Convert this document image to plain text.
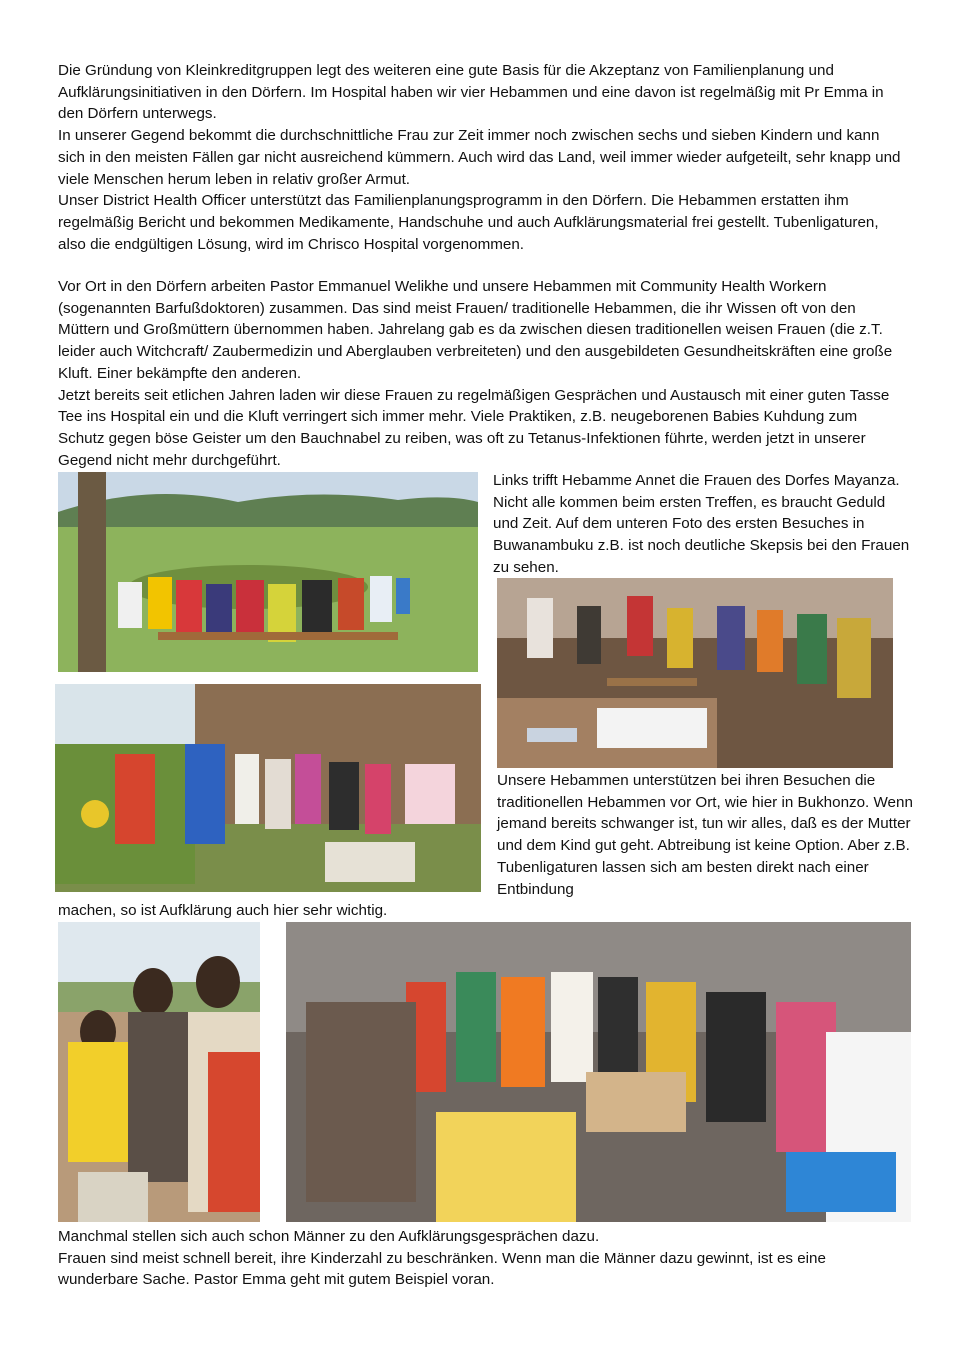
Die Gründung von Kleinkreditgruppen legt des weiteren eine gute Basis für die Akzeptanz von Familienplanung und Aufklärungsinitiativen in den Dörfern. Im Hospital haben wir vier Hebammen und eine davon ist regelmäßig mit Pr Emma in den Dörfern unterwegs.

In unserer Gegend bekommt die durchschnittliche Frau zur Zeit immer noch zwischen sechs und sieben Kindern und kann sich in den meisten Fällen gar nicht ausreichend kümmern. Auch wird das Land, weil immer wieder aufgeteilt, sehr knapp und viele Menschen herum leben in relativ großer Armut.

Unser District Health Officer unterstützt das Familienplanungsprogramm in den Dörfern. Die Hebammen erstatten ihm regelmäßig Bericht und bekommen Medikamente, Handschuhe und auch Aufklärungsmaterial frei gestellt. Tubenligaturen, also die endgültigen Lösung, wird im Chrisco Hospital vorgenommen.

Vor Ort in den Dörfern arbeiten Pastor Emmanuel Welikhe und unsere Hebammen mit Community Health Workern (sogenannten Barfußdoktoren) zusammen. Das sind meist Frauen/ traditionelle Hebammen, die ihr Wissen oft von den Müttern und Großmüttern übernommen haben. Jahrelang gab es da zwischen diesen traditionellen weisen Frauen (die z.T. leider auch Witchcraft/ Zaubermedizin und Aberglauben verbreiteten) und den ausgebildeten Gesundheitskräften eine große Kluft. Einer bekämpfte den anderen.

Jetzt bereits seit etlichen Jahren laden wir diese Frauen zu regelmäßigen Gesprächen und Austausch mit einer guten Tasse Tee ins Hospital ein und die Kluft verringert sich immer mehr. Viele Praktiken, z.B. neugeborenen Babies Kuhdung zum Schutz gegen böse Geister um den Bauchnabel zu reiben, was oft zu Tetanus-Infektionen führte, werden jetzt in unserer Gegend nicht mehr durchgeführt.

Links trifft Hebamme Annet die Frauen des Dorfes Mayanza. Nicht alle kommen beim ersten Treffen, es braucht Geduld und Zeit. Auf dem unteren Foto des ersten Besuches in Buwanambuku z.B. ist noch deutliche Skepsis bei den Frauen zu sehen.

Unsere Hebammen unterstützen bei ihren Besuchen die traditionellen Hebammen vor Ort, wie hier in Bukhonzo. Wenn jemand bereits schwanger ist, tun wir alles, daß es der Mutter und dem Kind gut geht. Abtreibung ist keine Option. Aber z.B. Tubenligaturen lassen sich am besten direkt nach einer Entbindung

machen, so ist Aufklärung auch hier sehr wichtig.

Manchmal stellen sich auch schon Männer zu den Aufklärungsgesprächen dazu.

Frauen sind meist schnell bereit, ihre Kinderzahl zu beschränken. Wenn man die Männer dazu gewinnt, ist es eine wunderbare Sache. Pastor Emma geht mit gutem Beispiel voran.
